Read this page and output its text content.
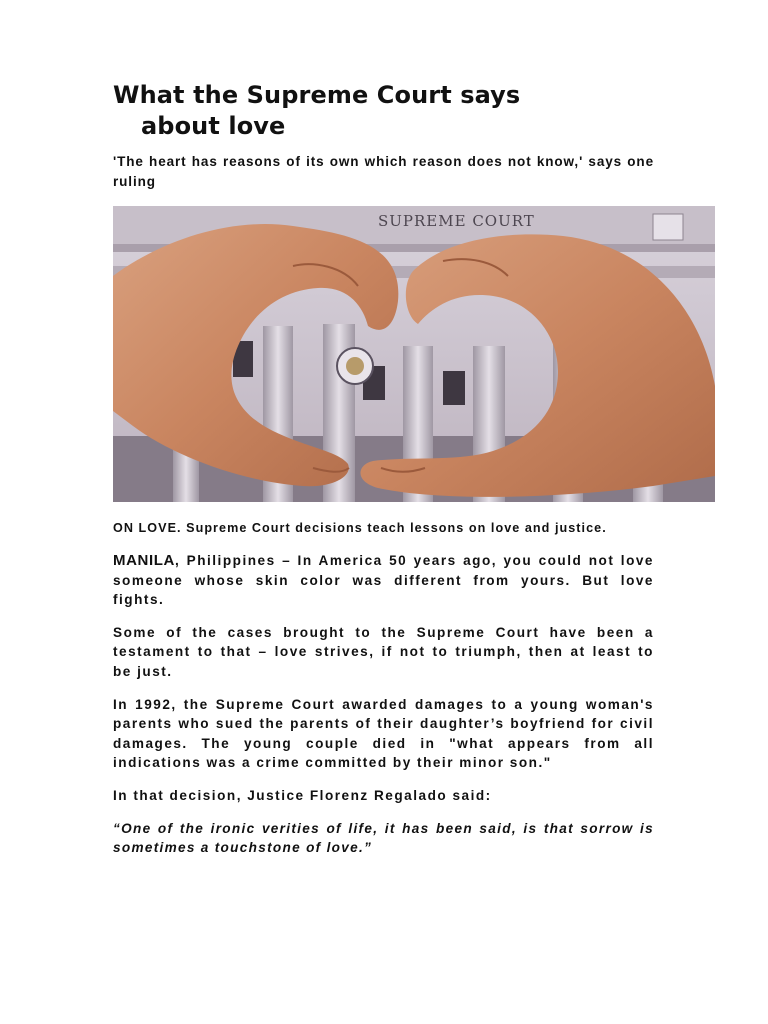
What the Supreme Court says
about love

'The heart has reasons of its own which reason does not know,' says one ruling

SUPREME COURT

ON LOVE. Supreme Court decisions teach lessons on love and justice.

MANILA, Philippines – In America 50 years ago, you could not love someone whose skin color was different from yours. But love fights.

Some of the cases brought to the Supreme Court have been a testament to that – love strives, if not to triumph, then at least to be just.

In 1992, the Supreme Court awarded damages to a young woman's parents who sued the parents of their daughter’s boyfriend for civil damages. The young couple died in "what appears from all indications was a crime committed by their minor son."

In that decision, Justice Florenz Regalado said:

“One of the ironic verities of life, it has been said, is that sorrow is sometimes a touchstone of love.”
